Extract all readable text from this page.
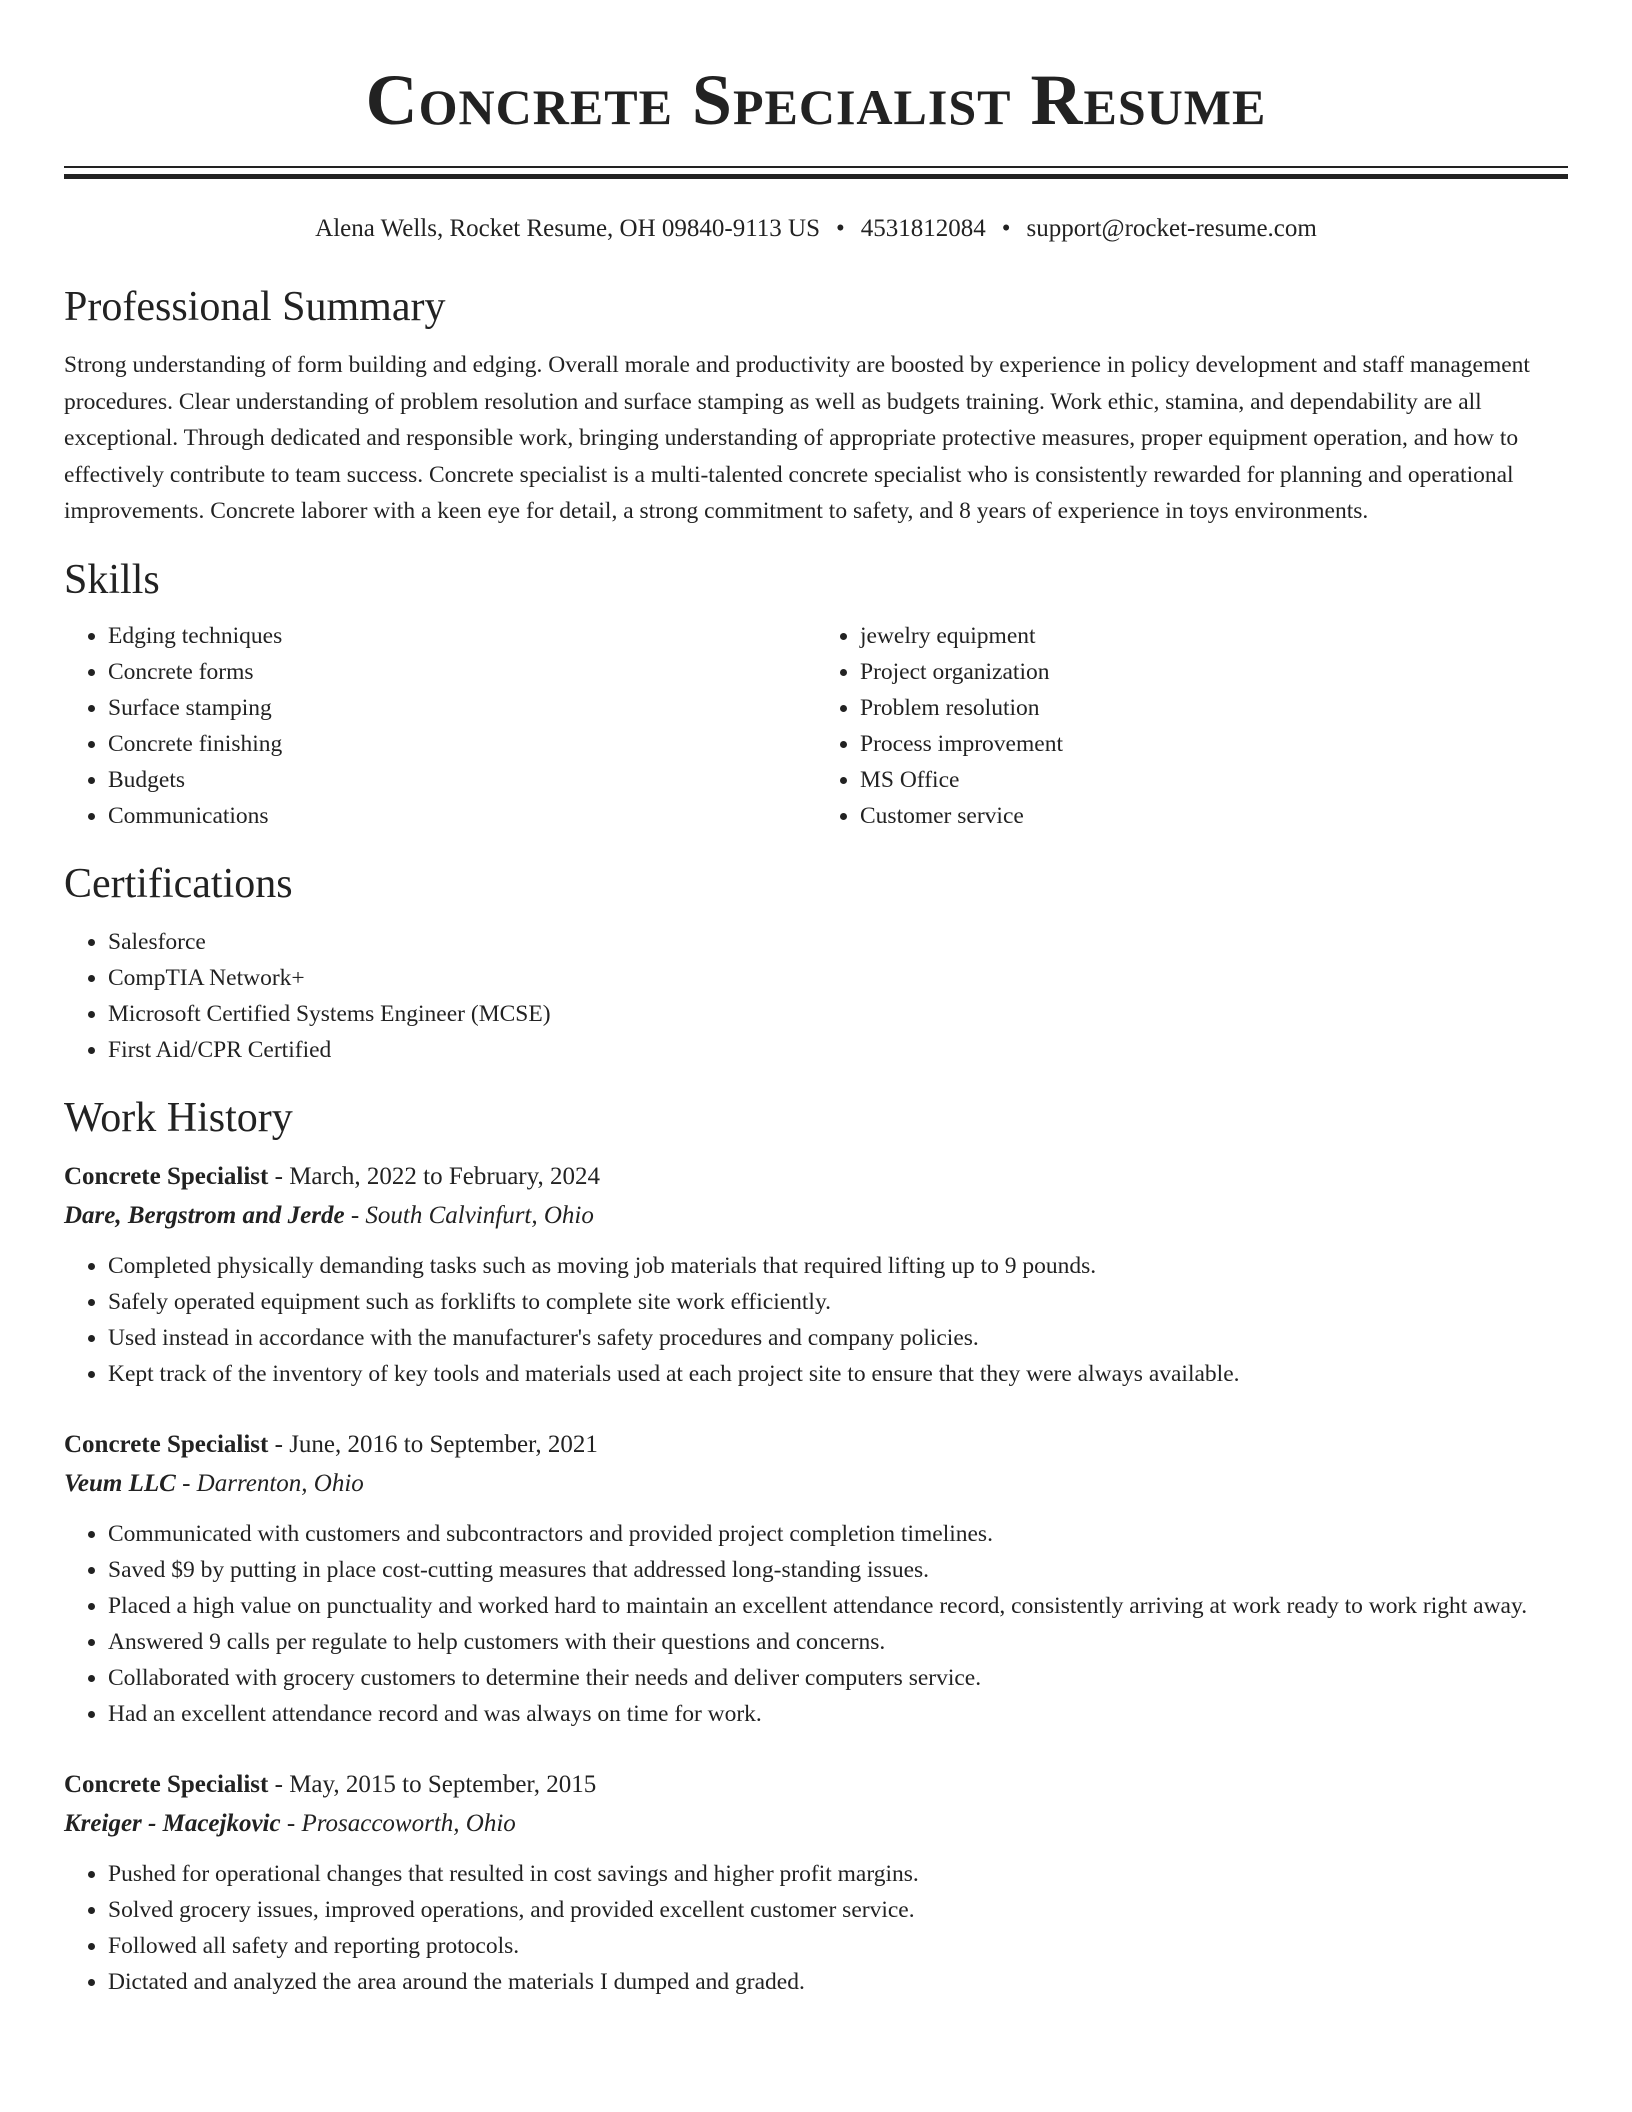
Concrete Specialist Resume
Alena Wells, Rocket Resume, OH 09840-9113 US • 4531812084 • support@rocket-resume.com
Professional Summary

Strong understanding of form building and edging. Overall morale and productivity are boosted by experience in policy development and staff management procedures. Clear understanding of problem resolution and surface stamping as well as budgets training. Work ethic, stamina, and dependability are all exceptional. Through dedicated and responsible work, bringing understanding of appropriate protective measures, proper equipment operation, and how to effectively contribute to team success. Concrete specialist is a multi-talented concrete specialist who is consistently rewarded for planning and operational improvements. Concrete laborer with a keen eye for detail, a strong commitment to safety, and 8 years of experience in toys environments.

Skills
• Edging techniques
• Concrete forms
• Surface stamping
• Concrete finishing
• Budgets
• Communications
• jewelry equipment
• Project organization
• Problem resolution
• Process improvement
• MS Office
• Customer service
Certifications
• Salesforce
• CompTIA Network+
• Microsoft Certified Systems Engineer (MCSE)
• First Aid/CPR Certified
Work History
Concrete Specialist - March, 2022 to February, 2024
Dare, Bergstrom and Jerde - South Calvinfurt, Ohio
• Completed physically demanding tasks such as moving job materials that required lifting up to 9 pounds.
• Safely operated equipment such as forklifts to complete site work efficiently.
• Used instead in accordance with the manufacturer's safety procedures and company policies.
• Kept track of the inventory of key tools and materials used at each project site to ensure that they were always available.
Concrete Specialist - June, 2016 to September, 2021
Veum LLC - Darrenton, Ohio
• Communicated with customers and subcontractors and provided project completion timelines.
• Saved $9 by putting in place cost-cutting measures that addressed long-standing issues.
• Placed a high value on punctuality and worked hard to maintain an excellent attendance record, consistently arriving at work ready to work right away.
• Answered 9 calls per regulate to help customers with their questions and concerns.
• Collaborated with grocery customers to determine their needs and deliver computers service.
• Had an excellent attendance record and was always on time for work.
Concrete Specialist - May, 2015 to September, 2015
Kreiger - Macejkovic - Prosaccoworth, Ohio
• Pushed for operational changes that resulted in cost savings and higher profit margins.
• Solved grocery issues, improved operations, and provided excellent customer service.
• Followed all safety and reporting protocols.
• Dictated and analyzed the area around the materials I dumped and graded.
